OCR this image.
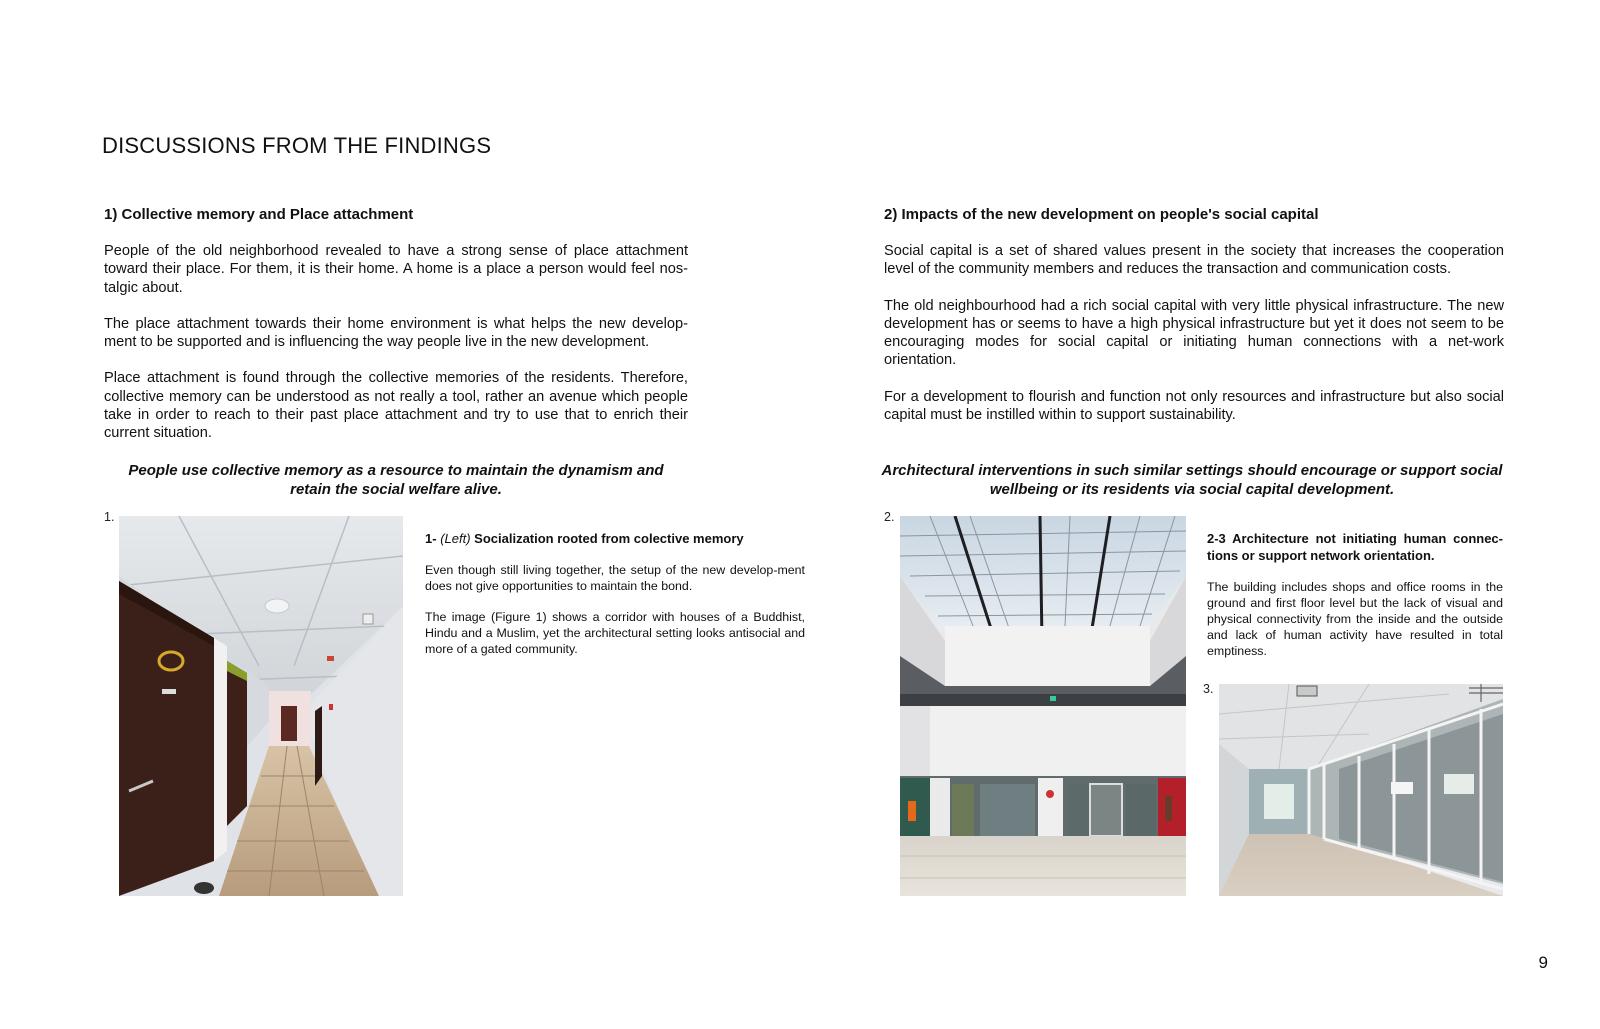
DISCUSSIONS FROM THE FINDINGS
1) Collective memory and Place attachment

People of the old neighborhood revealed to have a strong sense of place attachment toward their place. For them, it is their home. A home is a place a person would feel nos-talgic about.

The place attachment towards their home environment is what helps the new develop-ment to be supported and is influencing the way people live in the new development.

Place attachment is found through the collective memories of the residents. Therefore, collective memory can be understood as not really a tool, rather an avenue which people take in order to reach to their past place attachment and try to use that to enrich their current situation.

People use collective memory as a resource to maintain the dynamism and retain the social welfare alive.
1.

1- (Left) Socialization rooted from colective memory

Even though still living together, the setup of the new develop-ment does not give opportunities to maintain the bond.

The image (Figure 1) shows a corridor with houses of a Buddhist, Hindu and a Muslim, yet the architectural setting looks antisocial and more of a gated community.

2) Impacts of the new development on people's social capital

Social capital is a set of shared values present in the society that increases the cooperation level of the community members and reduces the transaction and communication costs.

The old neighbourhood had a rich social capital with very little physical infrastructure. The new development has or seems to have a high physical infrastructure but yet it does not seem to be encouraging modes for social capital or initiating human connections with a net-work orientation.

For a development to flourish and function not only resources and infrastructure but also social capital must be instilled within to support sustainability.

Architectural interventions in such similar settings should encourage or support social wellbeing or its residents via social capital development.
2.

2-3 Architecture not initiating human connec-tions or support network orientation.

The building includes shops and office rooms in the ground and first floor level but the lack of visual and physical connectivity from the inside and the outside and lack of human activity have resulted in total emptiness.

3.
9
